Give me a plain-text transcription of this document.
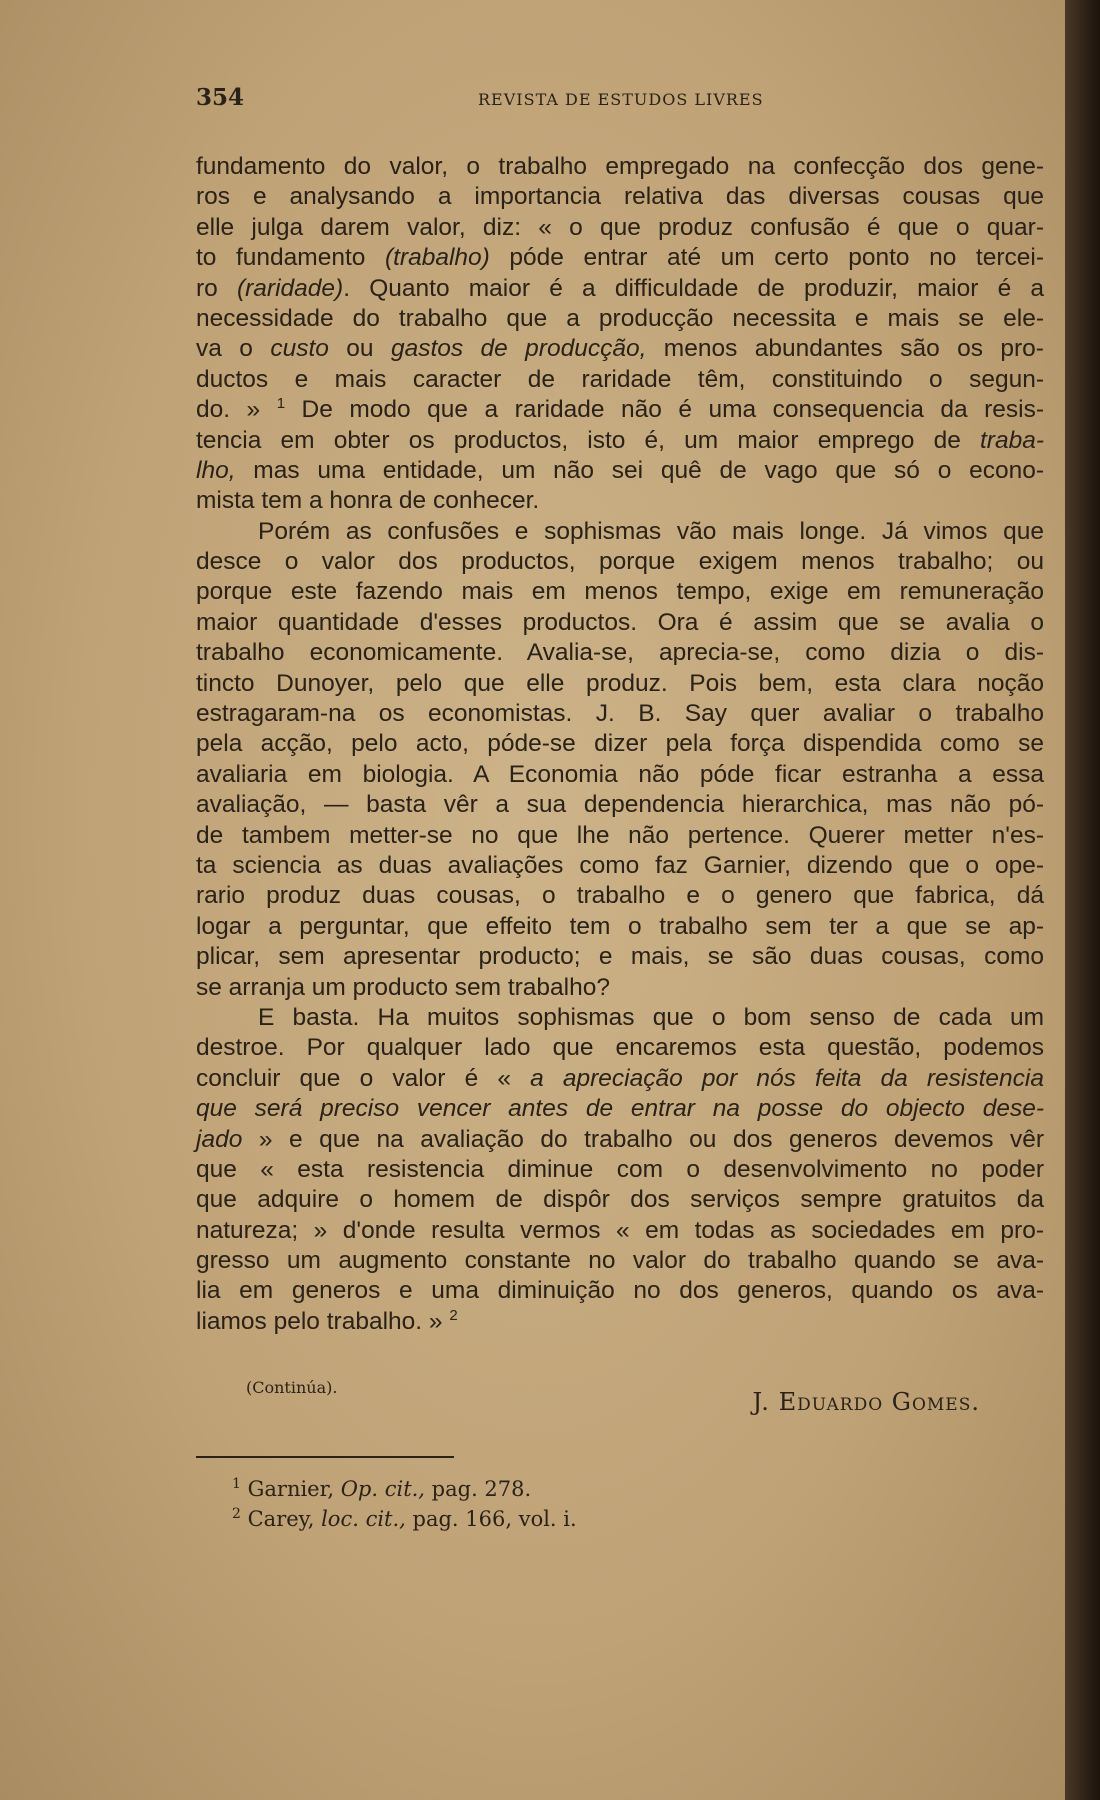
354	REVISTA DE ESTUDOS LIVRES
fundamento do valor, o trabalho empregado na confecção dos gene-
ros e analysando a importancia relativa das diversas cousas que
elle julga darem valor, diz: « o que produz confusão é que o quar-
to fundamento (trabalho) póde entrar até um certo ponto no tercei-
ro (raridade). Quanto maior é a difficuldade de produzir, maior é a
necessidade do trabalho que a producção necessita e mais se ele-
va o custo ou gastos de producção, menos abundantes são os pro-
ductos e mais caracter de raridade têm, constituindo o segun-
do. » $^1$ De modo que a raridade não é uma consequencia da resis-
tencia em obter os productos, isto é, um maior emprego de traba-
lho, mas uma entidade, um não sei quê de vago que só o econo-
mista tem a honra de conhecer.
Porém as confusões e sophismas vão mais longe. Já vimos que
desce o valor dos productos, porque exigem menos trabalho; ou
porque este fazendo mais em menos tempo, exige em remuneração
maior quantidade d'esses productos. Ora é assim que se avalia o
trabalho economicamente. Avalia-se, aprecia-se, como dizia o dis-
tincto Dunoyer, pelo que elle produz. Pois bem, esta clara noção
estragaram-na os economistas. J. B. Say quer avaliar o trabalho
pela acção, pelo acto, póde-se dizer pela força dispendida como se
avaliaria em biologia. A Economia não póde ficar estranha a essa
avaliação, — basta vêr a sua dependencia hierarchica, mas não pó-
de tambem metter-se no que lhe não pertence. Querer metter n'es-
ta sciencia as duas avaliações como faz Garnier, dizendo que o ope-
rario produz duas cousas, o trabalho e o genero que fabrica, dá
logar a perguntar, que effeito tem o trabalho sem ter a que se ap-
plicar, sem apresentar producto; e mais, se são duas cousas, como
se arranja um producto sem trabalho?
E basta. Ha muitos sophismas que o bom senso de cada um
destroe. Por qualquer lado que encaremos esta questão, podemos
concluir que o valor é « a apreciação por nós feita da resistencia
que será preciso vencer antes de entrar na posse do objecto dese-
jado » e que na avaliação do trabalho ou dos generos devemos vêr
que « esta resistencia diminue com o desenvolvimento no poder
que adquire o homem de dispôr dos serviços sempre gratuitos da
natureza; » d'onde resulta vermos « em todas as sociedades em pro-
gresso um augmento constante no valor do trabalho quando se ava-
lia em generos e uma diminuição no dos generos, quando os ava-
liamos pelo trabalho. » $^2$
(Continúa).
J. Eduardo Gomes.
$^1$ Garnier, Op. cit., pag. 278.
$^2$ Carey, loc. cit., pag. 166, vol. i.
